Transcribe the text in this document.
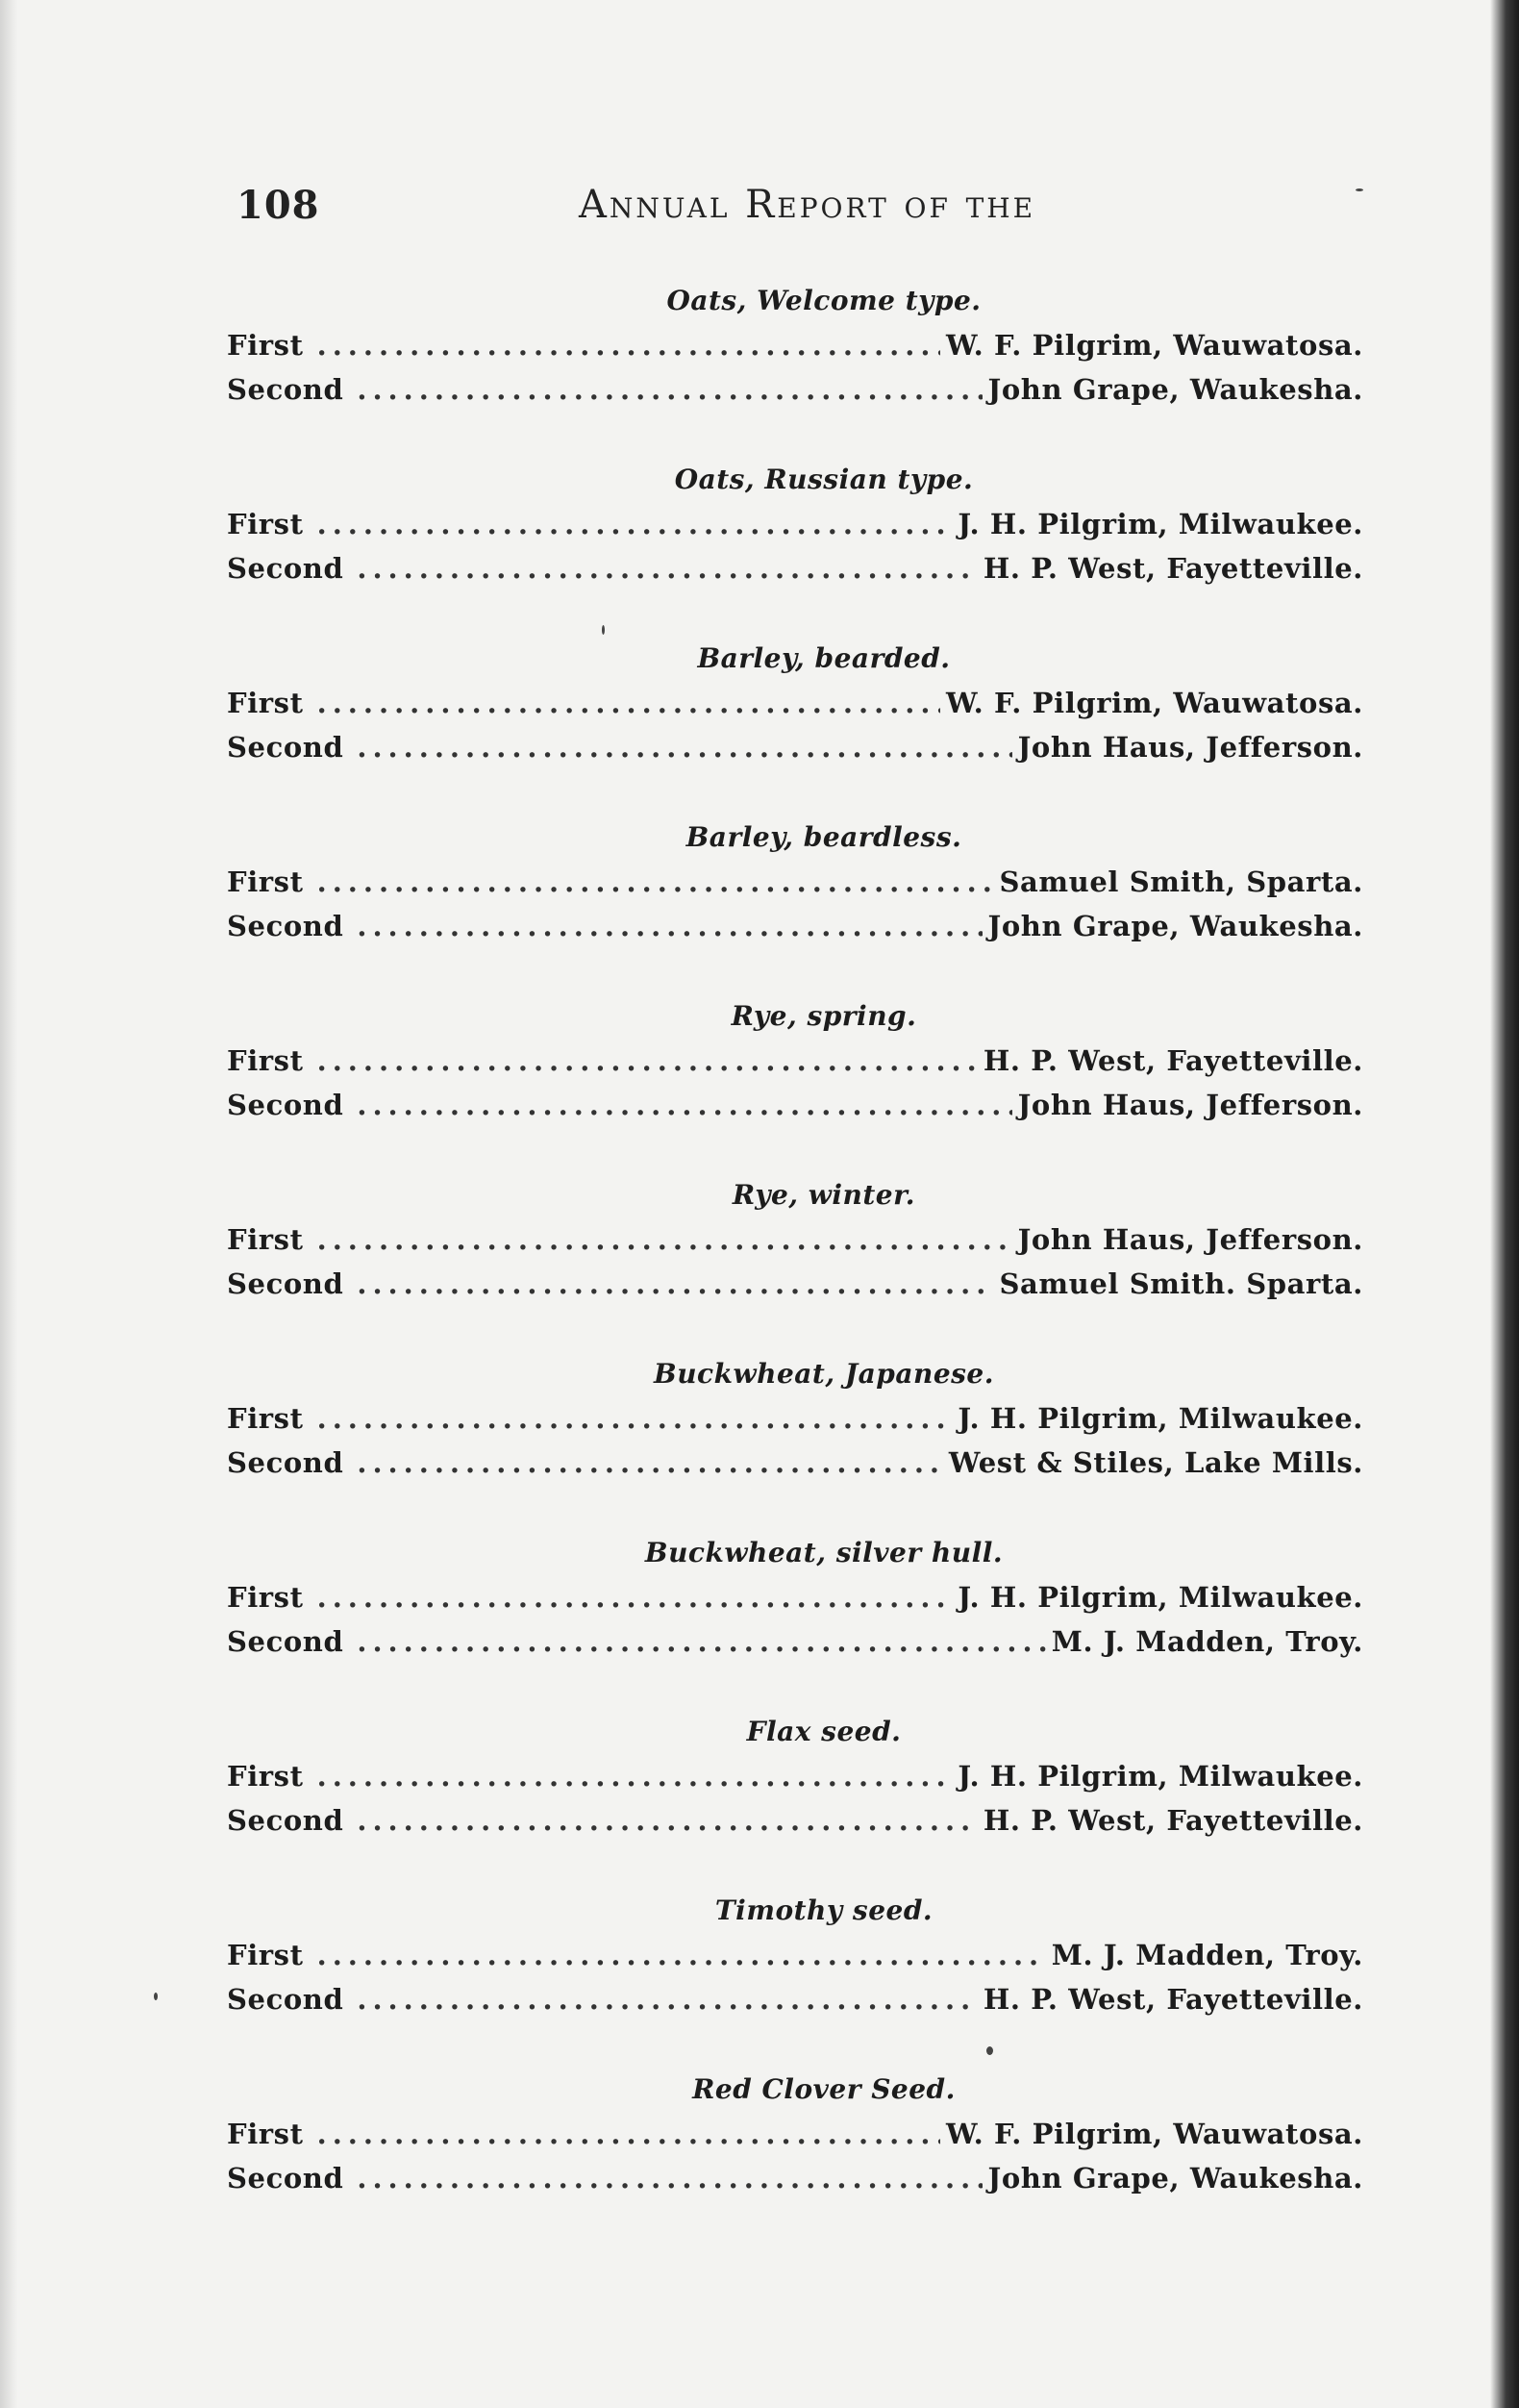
108	Annual Report of the
Oats, Welcome type.
First .....	W. F. Pilgrim, Wauwatosa.
Second .....	John Grape, Waukesha.
Oats, Russian type.
First .....	J. H. Pilgrim, Milwaukee.
Second .....	H. P. West, Fayetteville.
Barley, bearded.
First .....	W. F. Pilgrim, Wauwatosa.
Second .....	John Haus, Jefferson.
Barley, beardless.
First .....	Samuel Smith, Sparta.
Second .....	John Grape, Waukesha.
Rye, spring.
First .....	H. P. West, Fayetteville.
Second .....	John Haus, Jefferson.
Rye, winter.
First .....	John Haus, Jefferson.
Second .....	Samuel Smith. Sparta.
Buckwheat, Japanese.
First .....	J. H. Pilgrim, Milwaukee.
Second .....	West & Stiles, Lake Mills.
Buckwheat, silver hull.
First .....	J. H. Pilgrim, Milwaukee.
Second .....	M. J. Madden, Troy.
Flax seed.
First .....	J. H. Pilgrim, Milwaukee.
Second .....	H. P. West, Fayetteville.
Timothy seed.
First .....	M. J. Madden, Troy.
Second .....	H. P. West, Fayetteville.
Red Clover Seed.
First .....	W. F. Pilgrim, Wauwatosa.
Second .....	John Grape, Waukesha.
